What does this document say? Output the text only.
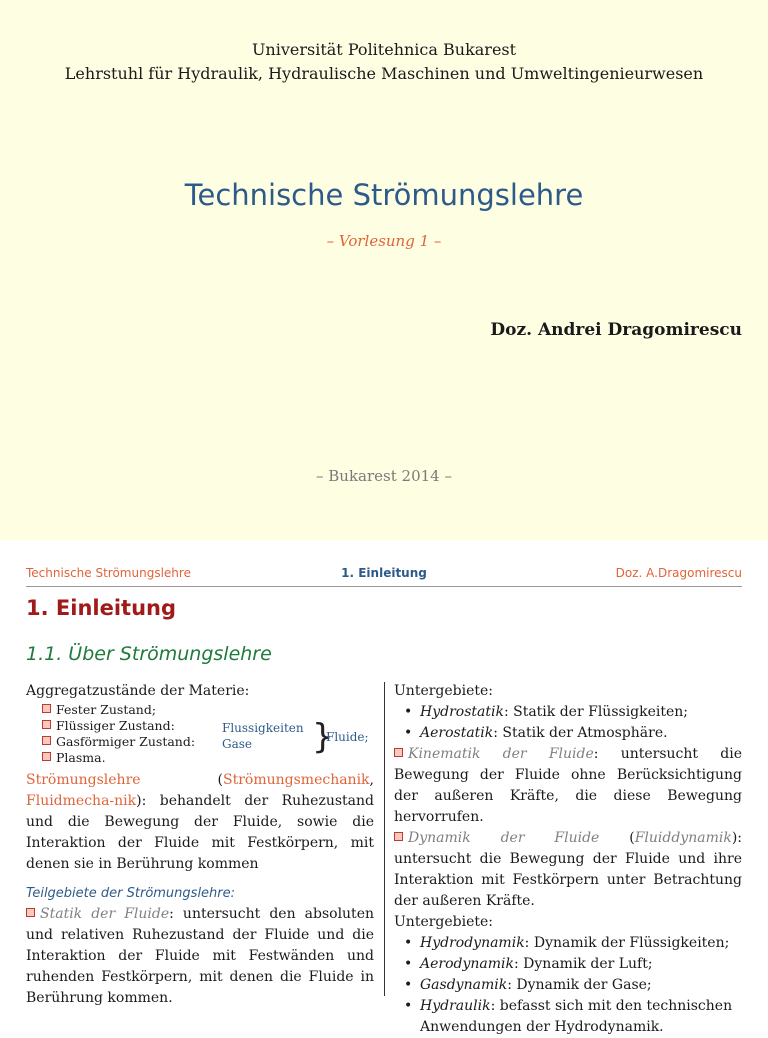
Universität Politehnica Bukarest
Lehrstuhl für Hydraulik, Hydraulische Maschinen und Umweltingenieurwesen
Technische Strömungslehre
– Vorlesung 1 –
Doz. Andrei Dragomirescu
– Bukarest 2014 –
1. Einleitung
Technische Strömungslehre	Doz. A.Dragomirescu
1. Einleitung
1.1. Über Strömungslehre

Aggregatzustände der Materie:

Fester Zustand;
Flüssiger Zustand:
Gasförmiger Zustand:
Plasma.
Flussigkeiten
Gase }
Fluide;

Strömungslehre (Strömungsmechanik, Fluidmecha-nik): behandelt der Ruhezustand und die Bewegung der Fluide, sowie die Interaktion der Fluide mit Festkörpern, mit denen sie in Berührung kommen

Teilgebiete der Strömungslehre:

Statik der Fluide: untersucht den absoluten und relativen Ruhezustand der Fluide und die Interaktion der Fluide mit Festwänden und ruhenden Festkörpern, mit denen die Fluide in Berührung kommen.

Untergebiete:

• Hydrostatik: Statik der Flüssigkeiten;

• Aerostatik: Statik der Atmosphäre.

Kinematik der Fluide: untersucht die Bewegung der Fluide ohne Berücksichtigung der außeren Kräfte, die diese Bewegung hervorrufen.

Dynamik der Fluide (Fluiddynamik): untersucht die Bewegung der Fluide und ihre Interaktion mit Festkörpern unter Betrachtung der außeren Kräfte.

Untergebiete:

• Hydrodynamik: Dynamik der Flüssigkeiten;

• Aerodynamik: Dynamik der Luft;

• Gasdynamik: Dynamik der Gase;

• Hydraulik: befasst sich mit den technischen Anwendungen der Hydrodynamik.
